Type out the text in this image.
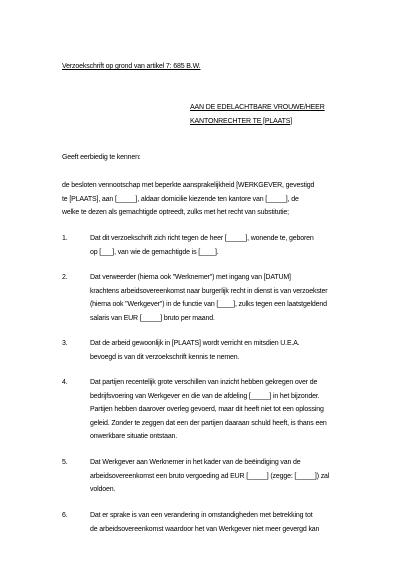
Verzoekschrift op grond van artikel 7: 685 B.W.
AAN DE EDELACHTBARE VROUWE/HEER
KANTONRECHTER TE [PLAATS]
Geeft eerbiedig te kennen:
de besloten vennootschap met beperkte aansprakelijkheid [WERKGEVER, gevestigd
te [PLAATS], aan [_____], aldaar domicilie kiezende ten kantore van [_____], de
welke te dezen als gemachtigde optreedt, zulks met het recht van substitutie;
1.	Dat dit verzoekschrift zich richt tegen de heer [_____], wonende te, geboren
op [___], van wie de gemachtigde is [____].
2.	Dat verweerder (hierna ook "Werknemer") met ingang van [DATUM]
krachtens arbeidsovereenkomst naar burgerlijk recht in dienst is van verzoekster
(hierna ook "Werkgever") in de functie van [____], zulks tegen een laatstgeldend
salaris van EUR [_____] bruto per maand.
3.	Dat de arbeid gewoonlijk in [PLAATS] wordt verricht en mitsdien U.E.A.
bevoegd is van dit verzoekschrift kennis te nemen.
4.	Dat partijen recentelijk grote verschillen van inzicht hebben gekregen over de
bedrijfsvoering van Werkgever en die van de afdeling [_____] in het bijzonder.
Partijen hebben daarover overleg gevoerd, maar dit heeft niet tot een oplossing
geleid. Zonder te zeggen dat een der partijen daaraan schuld heeft, is thans een
onwerkbare situatie ontstaan.
5.	Dat Werkgever aan Werknemer in het kader van de beëindiging van de
arbeidsovereenkomst een bruto vergoeding ad EUR [_____] (zegge: [_____]) zal
voldoen.
6.	Dat er sprake is van een verandering in omstandigheden met betrekking tot
de arbeidsovereenkomst waardoor het van Werkgever niet meer gevergd kan
